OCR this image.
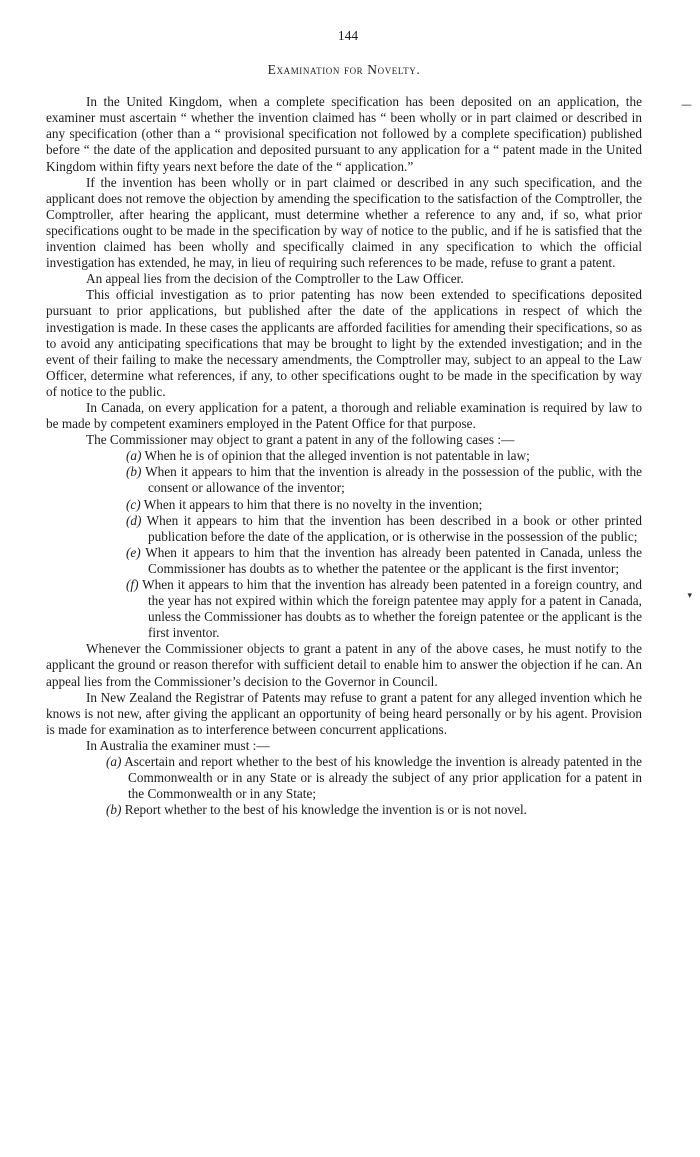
144
Examination for Novelty.

In the United Kingdom, when a complete specification has been deposited on an application, the examiner must ascertain “ whether the invention claimed has “ been wholly or in part claimed or described in any specification (other than a “ provisional specification not followed by a complete specification) published before “ the date of the application and deposited pursuant to any application for a “ patent made in the United Kingdom within fifty years next before the date of the “ application.”

If the invention has been wholly or in part claimed or described in any such specification, and the applicant does not remove the objection by amending the specification to the satisfaction of the Comptroller, the Comptroller, after hearing the applicant, must determine whether a reference to any and, if so, what prior specifications ought to be made in the specification by way of notice to the public, and if he is satisfied that the invention claimed has been wholly and specifically claimed in any specification to which the official investigation has extended, he may, in lieu of requiring such references to be made, refuse to grant a patent.

An appeal lies from the decision of the Comptroller to the Law Officer.

This official investigation as to prior patenting has now been extended to specifications deposited pursuant to prior applications, but published after the date of the applications in respect of which the investigation is made. In these cases the applicants are afforded facilities for amending their specifications, so as to avoid any anticipating specifications that may be brought to light by the extended investigation; and in the event of their failing to make the necessary amendments, the Comptroller may, subject to an appeal to the Law Officer, determine what references, if any, to other specifications ought to be made in the specification by way of notice to the public.

In Canada, on every application for a patent, a thorough and reliable examination is required by law to be made by competent examiners employed in the Patent Office for that purpose.

The Commissioner may object to grant a patent in any of the following cases :—

(a) When he is of opinion that the alleged invention is not patentable in law;
(b) When it appears to him that the invention is already in the possession of the public, with the consent or allowance of the inventor;
(c) When it appears to him that there is no novelty in the invention;
(d) When it appears to him that the invention has been described in a book or other printed publication before the date of the application, or is otherwise in the possession of the public;
(e) When it appears to him that the invention has already been patented in Canada, unless the Commissioner has doubts as to whether the patentee or the applicant is the first inventor;
(f) When it appears to him that the invention has already been patented in a foreign country, and the year has not expired within which the foreign patentee may apply for a patent in Canada, unless the Commissioner has doubts as to whether the foreign patentee or the applicant is the first inventor.

Whenever the Commissioner objects to grant a patent in any of the above cases, he must notify to the applicant the ground or reason therefor with sufficient detail to enable him to answer the objection if he can. An appeal lies from the Commissioner’s decision to the Governor in Council.

In New Zealand the Registrar of Patents may refuse to grant a patent for any alleged invention which he knows is not new, after giving the applicant an opportunity of being heard personally or by his agent. Provision is made for examination as to interference between concurrent applications.

In Australia the examiner must :—

(a) Ascertain and report whether to the best of his knowledge the invention is already patented in the Commonwealth or in any State or is already the subject of any prior application for a patent in the Commonwealth or in any State;
(b) Report whether to the best of his knowledge the invention is or is not novel.
—
▾
